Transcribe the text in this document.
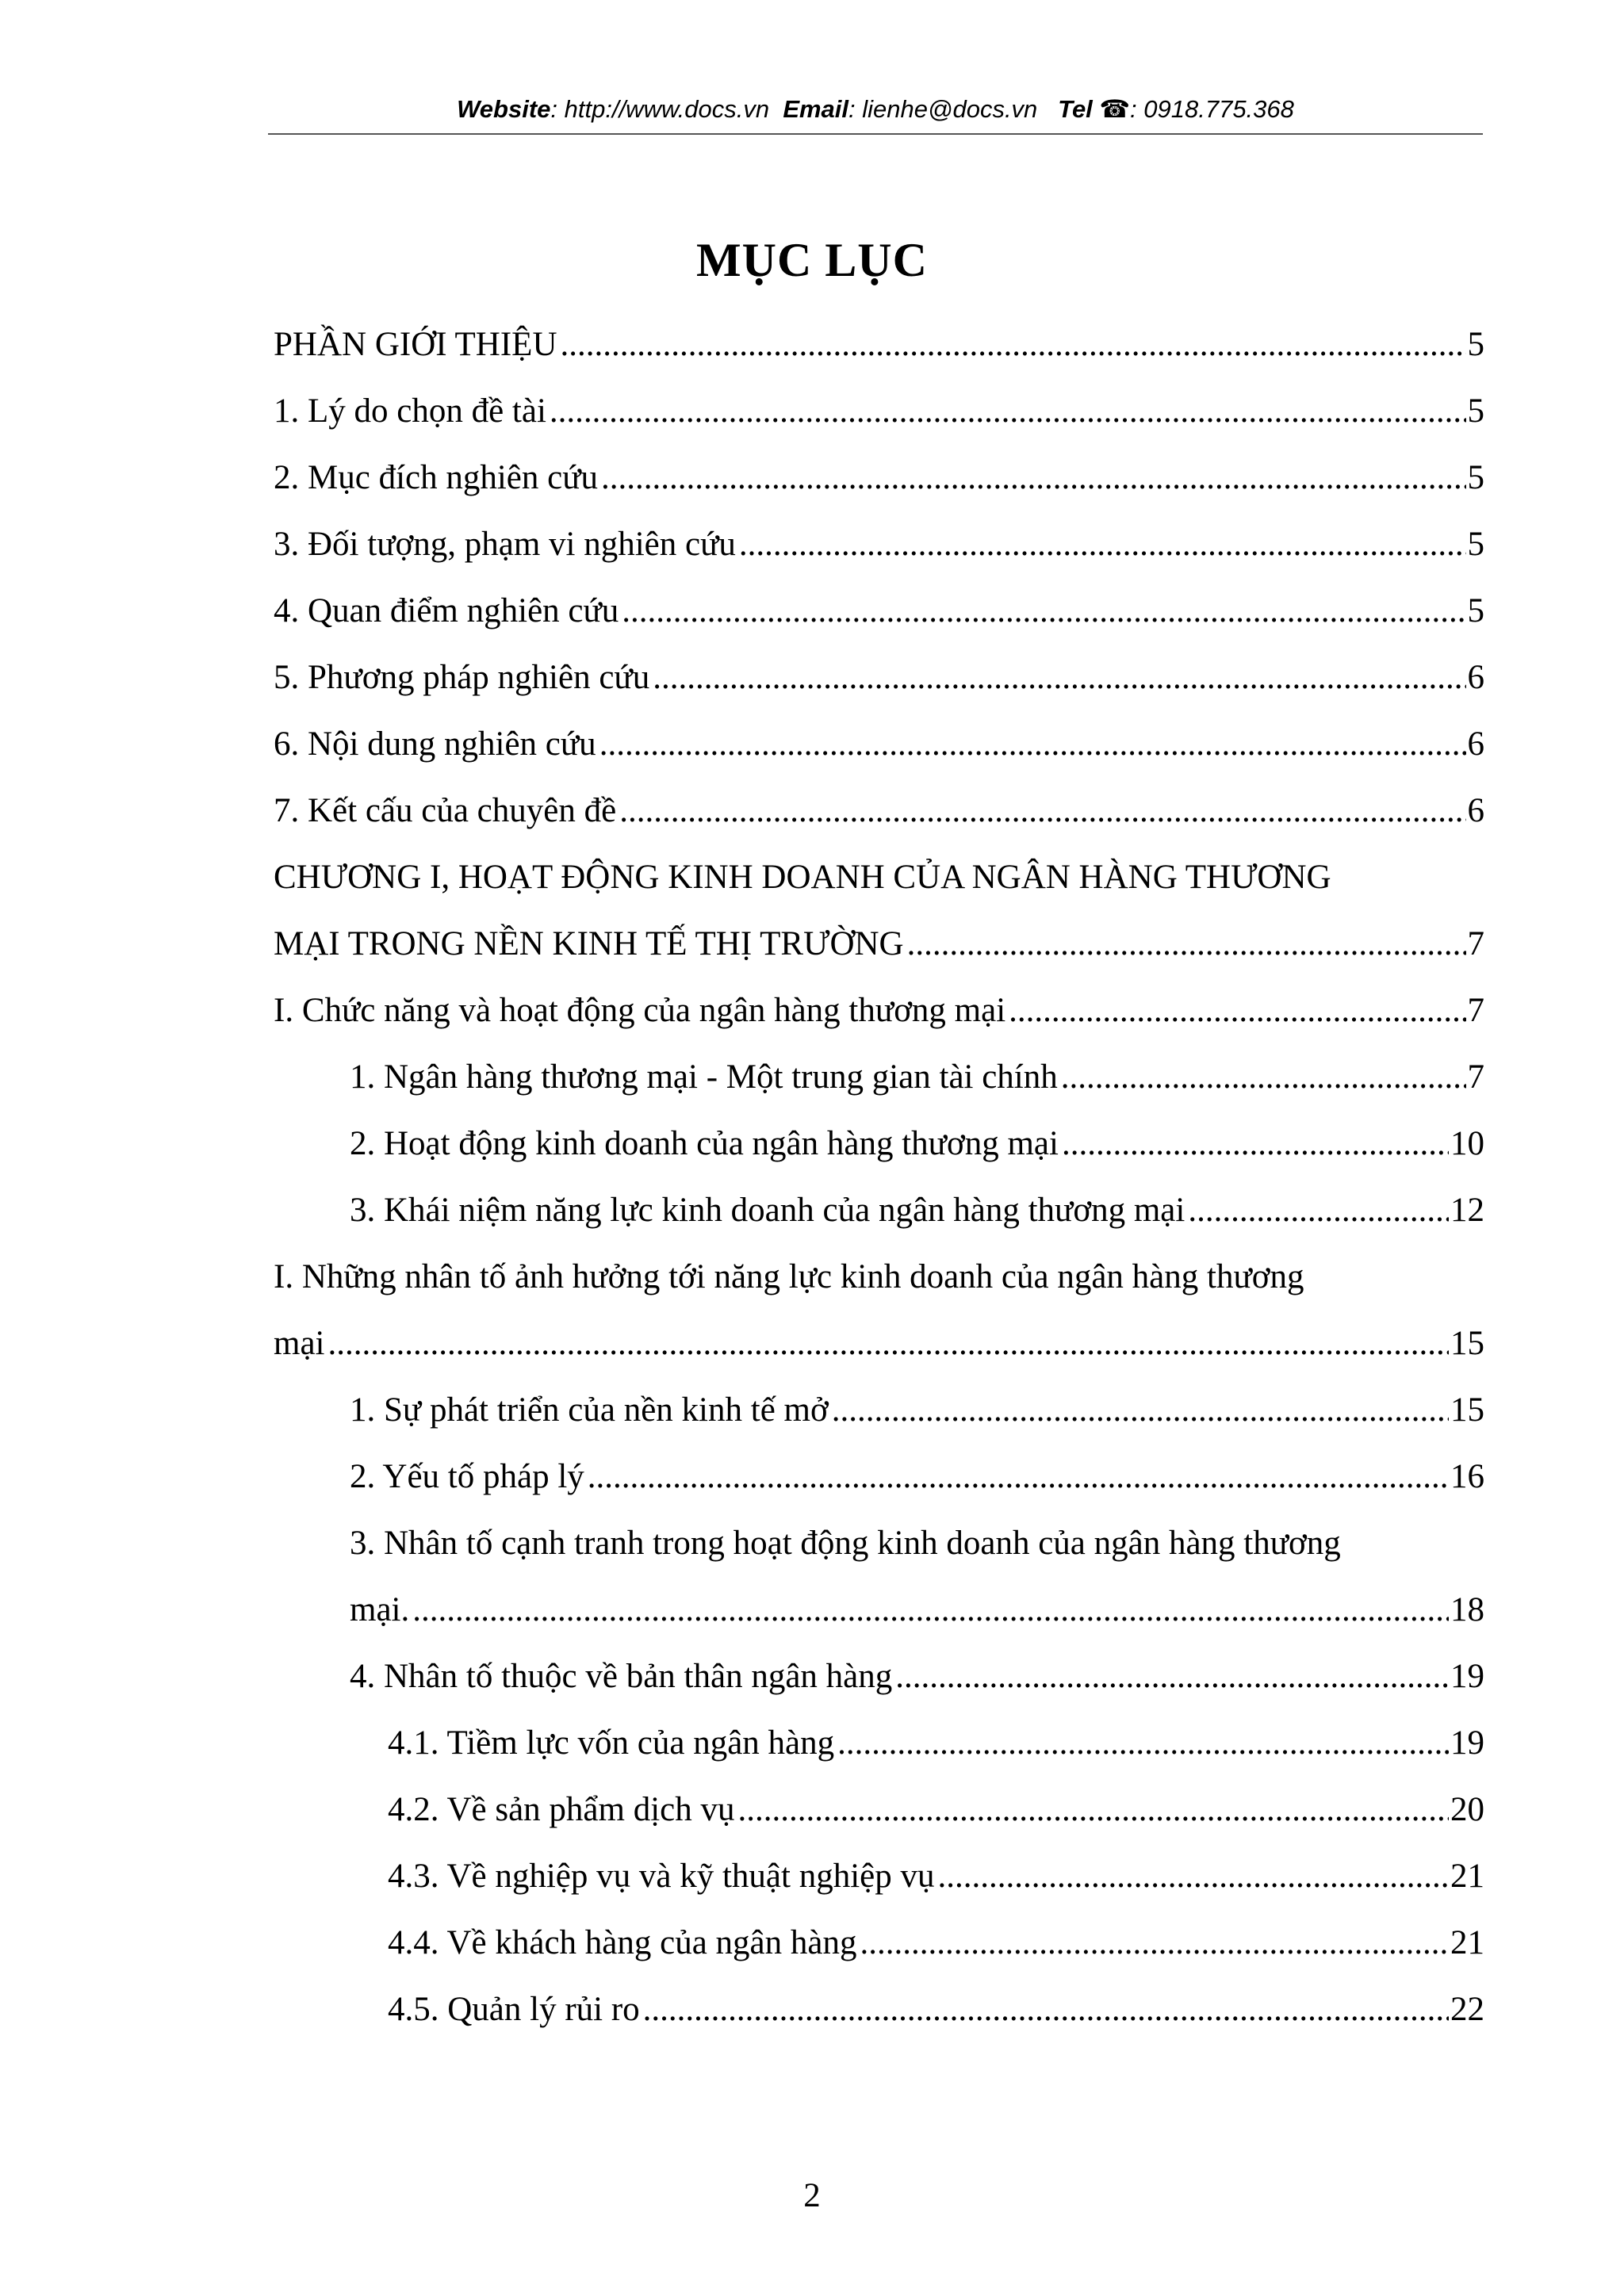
Website: http://www.docs.vn Email: lienhe@docs.vn Tel ☎: 0918.775.368
MỤC LỤC
PHẦN GIỚI THIỆU .....	5
1. Lý do chọn đề tài .....	5
2. Mục đích nghiên cứu .....	5
3. Đối tượng, phạm vi nghiên cứu .....	5
4. Quan điểm nghiên cứu .....	5
5. Phương pháp nghiên cứu .....	6
6. Nội dung nghiên cứu .....	6
7. Kết cấu của chuyên đề .....	6
CHƯƠNG I, HOẠT ĐỘNG KINH DOANH CỦA NGÂN HÀNG THƯƠNG
MẠI TRONG NỀN KINH TẾ THỊ TRƯỜNG .....	7
I. Chức năng và hoạt động của ngân hàng thương mại .....	7
1. Ngân hàng thương mại - Một trung gian tài chính .....	7
2. Hoạt động kinh doanh của ngân hàng thương mại .....	10
3. Khái niệm năng lực kinh doanh của ngân hàng thương mại .....	12
I. Những nhân tố ảnh hưởng tới năng lực kinh doanh của ngân hàng thương
mại .....	15
1. Sự phát triển của nền kinh tế mở .....	15
2. Yếu tố pháp lý .....	16
3. Nhân tố cạnh tranh trong hoạt động kinh doanh của ngân hàng thương
mại. .....	18
4. Nhân tố thuộc về bản thân ngân hàng .....	19
4.1. Tiềm lực vốn của ngân hàng .....	19
4.2. Về sản phẩm dịch vụ .....	20
4.3. Về nghiệp vụ và kỹ thuật nghiệp vụ .....	21
4.4. Về khách hàng của ngân hàng .....	21
4.5. Quản lý rủi ro .....	22
2
